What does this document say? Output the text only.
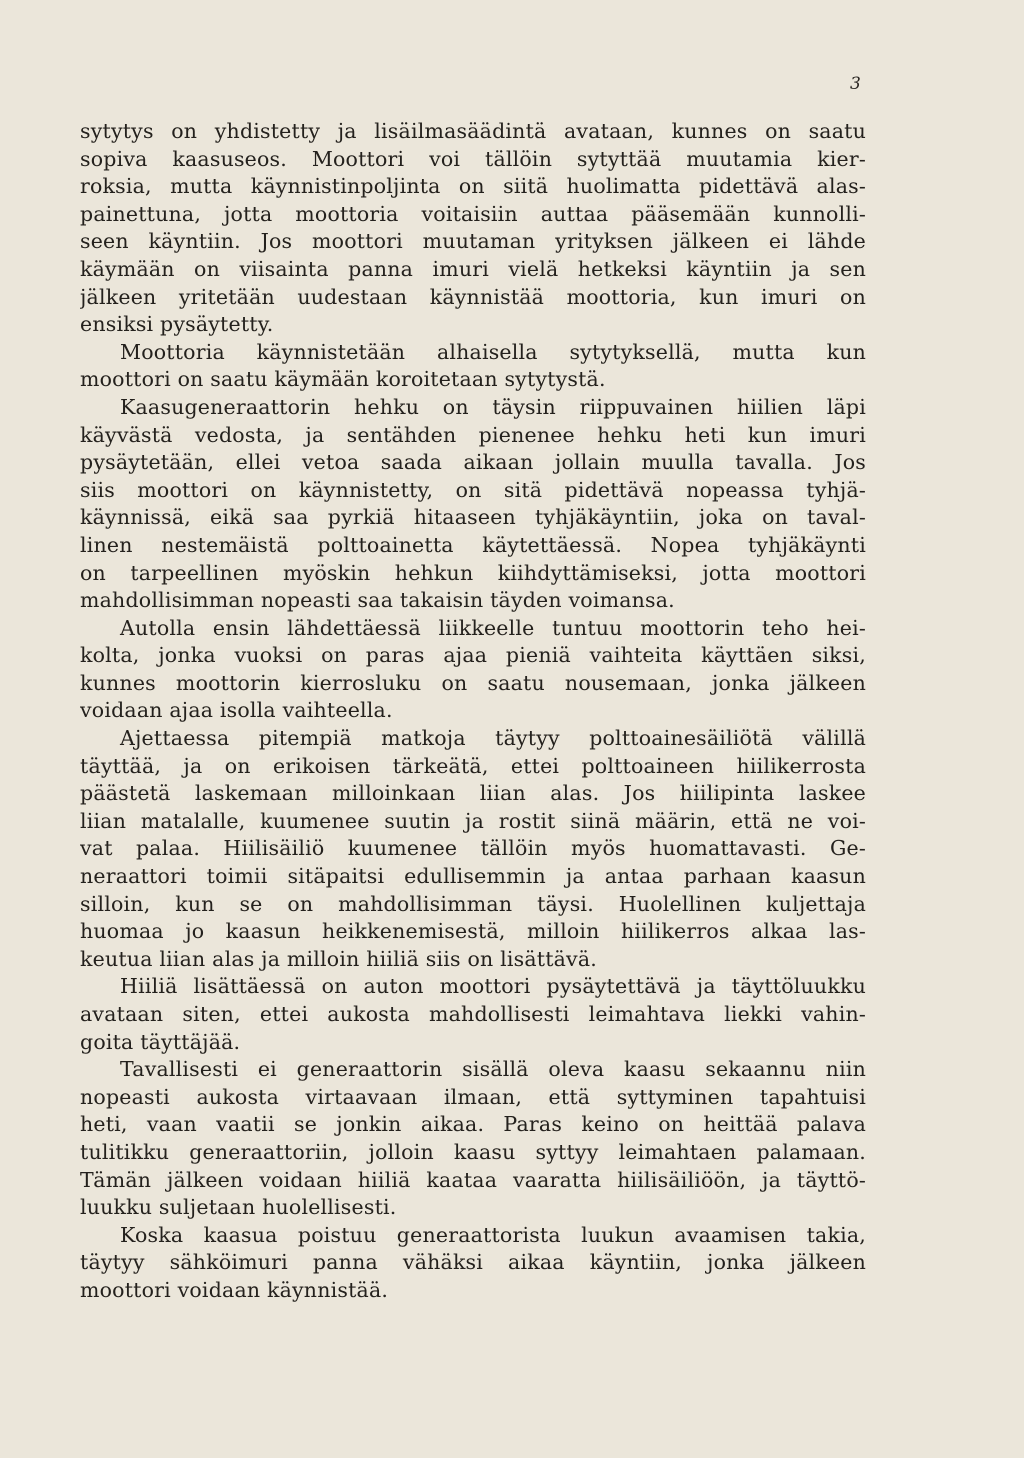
3
sytytys on yhdistetty ja lisäilmasäädintä avataan, kunnes on saatu
sopiva kaasuseos. Moottori voi tällöin sytyttää muutamia kier-
roksia, mutta käynnistinpoljinta on siitä huolimatta pidettävä alas-
painettuna, jotta moottoria voitaisiin auttaa pääsemään kunnolli-
seen käyntiin. Jos moottori muutaman yrityksen jälkeen ei lähde
käymään on viisainta panna imuri vielä hetkeksi käyntiin ja sen
jälkeen yritetään uudestaan käynnistää moottoria, kun imuri on
ensiksi pysäytetty.
Moottoria käynnistetään alhaisella sytytyksellä, mutta kun
moottori on saatu käymään koroitetaan sytytystä.
Kaasugeneraattorin hehku on täysin riippuvainen hiilien läpi
käyvästä vedosta, ja sentähden pienenee hehku heti kun imuri
pysäytetään, ellei vetoa saada aikaan jollain muulla tavalla. Jos
siis moottori on käynnistetty, on sitä pidettävä nopeassa tyhjä-
käynnissä, eikä saa pyrkiä hitaaseen tyhjäkäyntiin, joka on taval-
linen nestemäistä polttoainetta käytettäessä. Nopea tyhjäkäynti
on tarpeellinen myöskin hehkun kiihdyttämiseksi, jotta moottori
mahdollisimman nopeasti saa takaisin täyden voimansa.
Autolla ensin lähdettäessä liikkeelle tuntuu moottorin teho hei-
kolta, jonka vuoksi on paras ajaa pieniä vaihteita käyttäen siksi,
kunnes moottorin kierrosluku on saatu nousemaan, jonka jälkeen
voidaan ajaa isolla vaihteella.
Ajettaessa pitempiä matkoja täytyy polttoainesäiliötä välillä
täyttää, ja on erikoisen tärkeätä, ettei polttoaineen hiilikerrosta
päästetä laskemaan milloinkaan liian alas. Jos hiilipinta laskee
liian matalalle, kuumenee suutin ja rostit siinä määrin, että ne voi-
vat palaa. Hiilisäiliö kuumenee tällöin myös huomattavasti. Ge-
neraattori toimii sitäpaitsi edullisemmin ja antaa parhaan kaasun
silloin, kun se on mahdollisimman täysi. Huolellinen kuljettaja
huomaa jo kaasun heikkenemisestä, milloin hiilikerros alkaa las-
keutua liian alas ja milloin hiiliä siis on lisättävä.
Hiiliä lisättäessä on auton moottori pysäytettävä ja täyttöluukku
avataan siten, ettei aukosta mahdollisesti leimahtava liekki vahin-
goita täyttäjää.
Tavallisesti ei generaattorin sisällä oleva kaasu sekaannu niin
nopeasti aukosta virtaavaan ilmaan, että syttyminen tapahtuisi
heti, vaan vaatii se jonkin aikaa. Paras keino on heittää palava
tulitikku generaattoriin, jolloin kaasu syttyy leimahtaen palamaan.
Tämän jälkeen voidaan hiiliä kaataa vaaratta hiilisäiliöön, ja täyttö-
luukku suljetaan huolellisesti.
Koska kaasua poistuu generaattorista luukun avaamisen takia,
täytyy sähköimuri panna vähäksi aikaa käyntiin, jonka jälkeen
moottori voidaan käynnistää.
